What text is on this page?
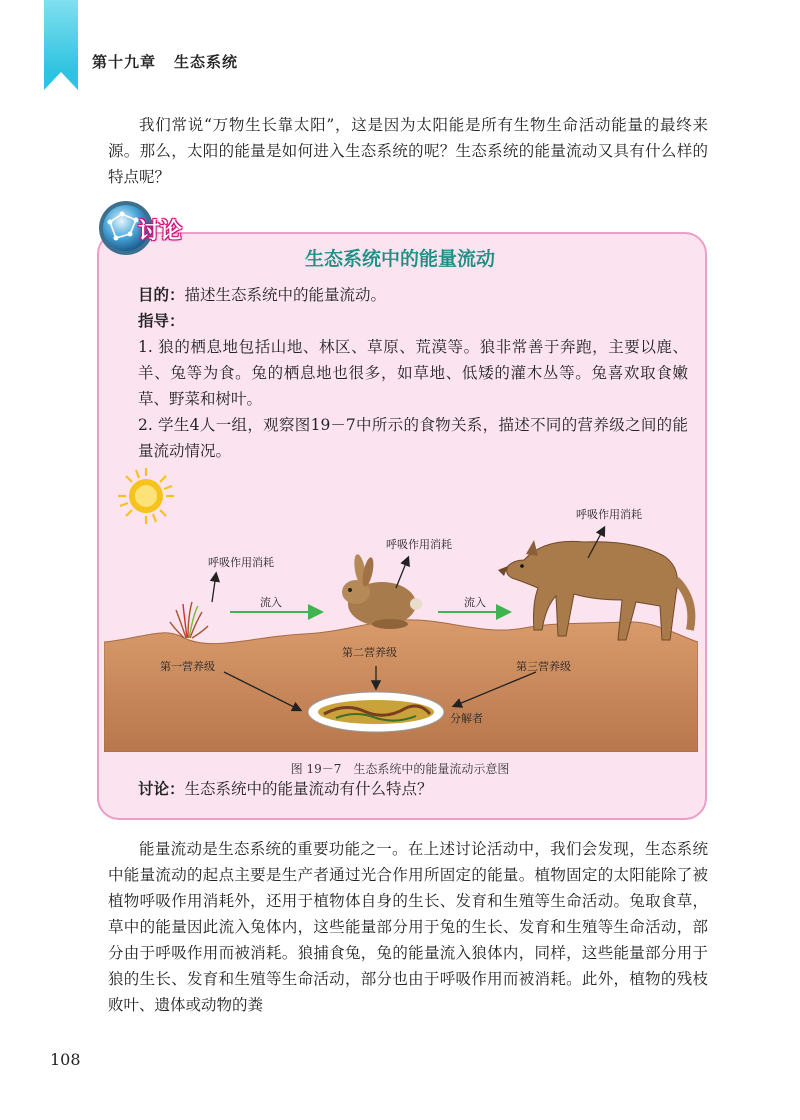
第十九章 生态系统

我们常说“万物生长靠太阳”，这是因为太阳能是所有生物生命活动能量的最终来源。那么，太阳的能量是如何进入生态系统的呢？生态系统的能量流动又具有什么样的特点呢？

讨论
生态系统中的能量流动
目的：描述生态系统中的能量流动。
指导：
1. 狼的栖息地包括山地、林区、草原、荒漠等。狼非常善于奔跑，主要以鹿、羊、兔等为食。兔的栖息地也很多，如草地、低矮的灌木丛等。兔喜欢取食嫩草、野菜和树叶。
2. 学生4人一组，观察图19－7中所示的食物关系，描述不同的营养级之间的能量流动情况。
呼吸作用消耗
呼吸作用消耗
呼吸作用消耗
流入	流入
第一营养级
第二营养级
第三营养级
分解者
图 19－7 生态系统中的能量流动示意图
讨论：生态系统中的能量流动有什么特点？

能量流动是生态系统的重要功能之一。在上述讨论活动中，我们会发现，生态系统中能量流动的起点主要是生产者通过光合作用所固定的能量。植物固定的太阳能除了被植物呼吸作用消耗外，还用于植物体自身的生长、发育和生殖等生命活动。兔取食草，草中的能量因此流入兔体内，这些能量部分用于兔的生长、发育和生殖等生命活动，部分由于呼吸作用而被消耗。狼捕食兔，兔的能量流入狼体内，同样，这些能量部分用于狼的生长、发育和生殖等生命活动，部分也由于呼吸作用而被消耗。此外，植物的残枝败叶、遗体或动物的粪

108
